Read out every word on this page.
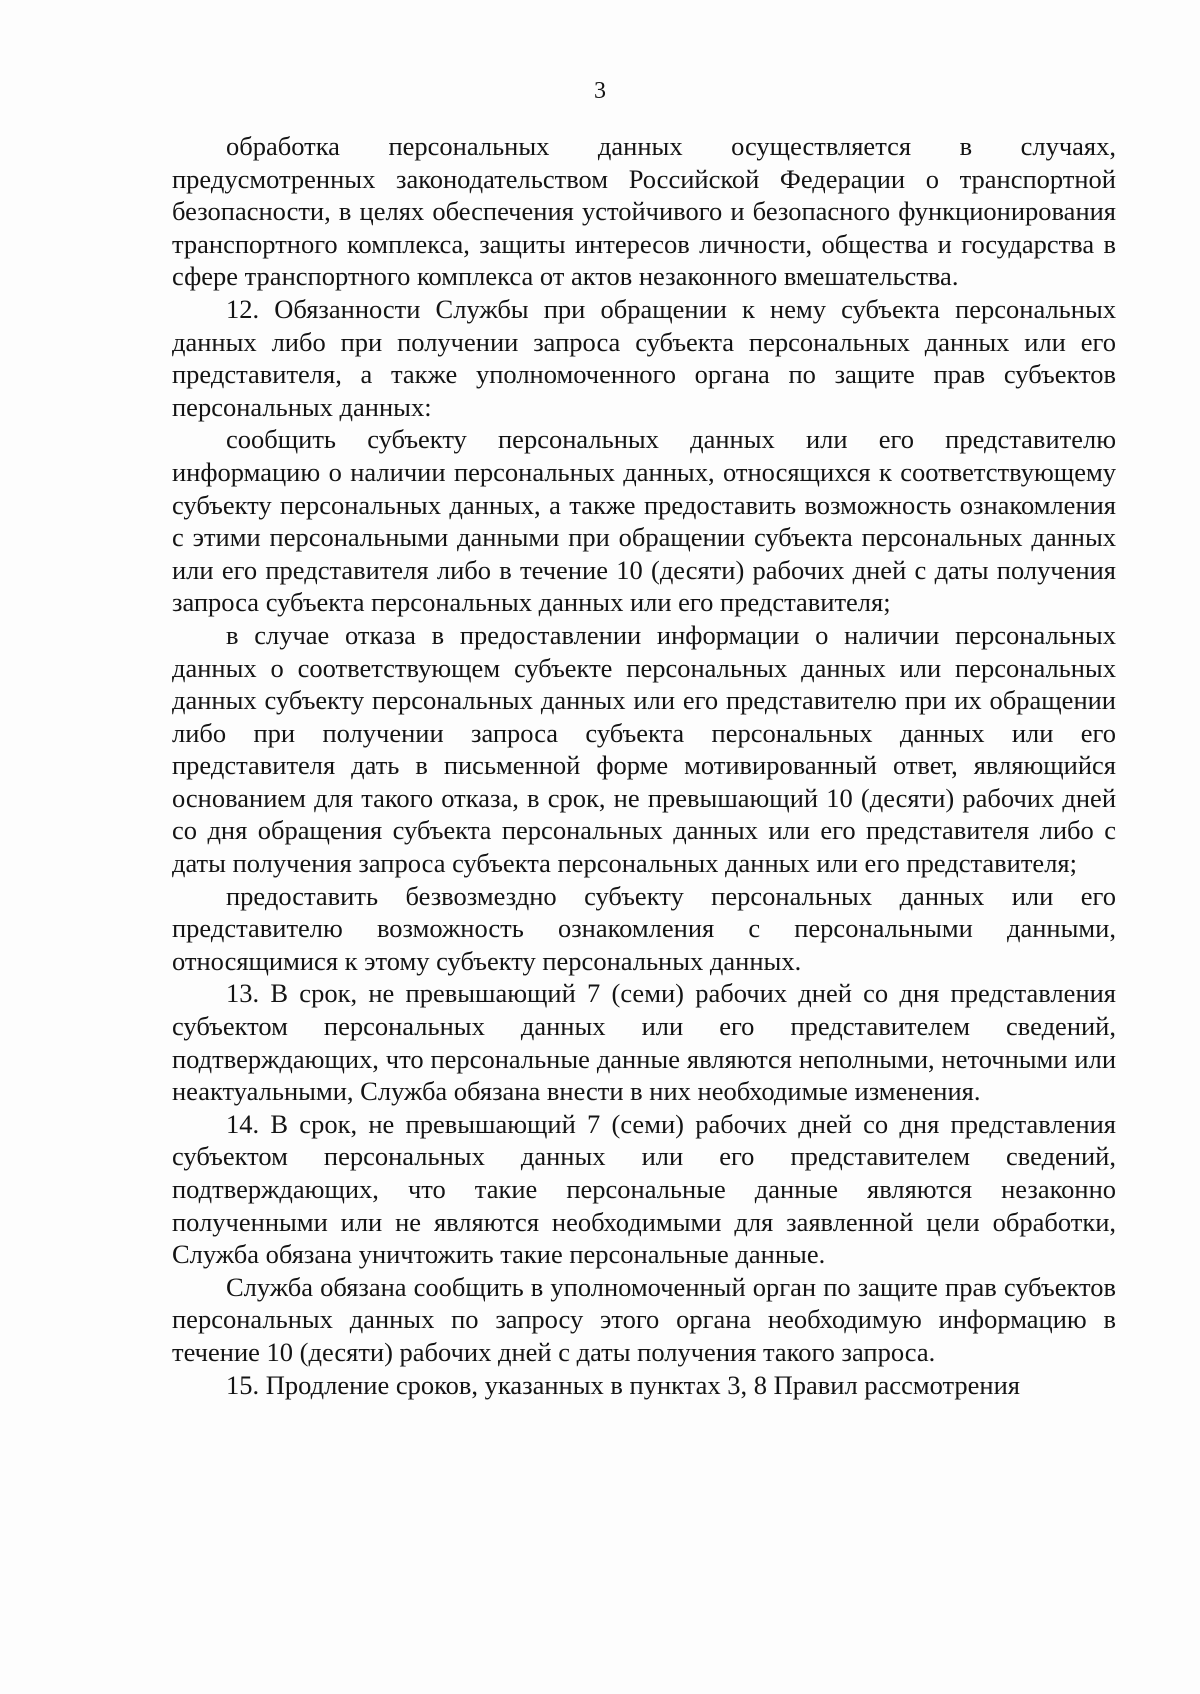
3

обработка персональных данных осуществляется в случаях, предусмотренных законодательством Российской Федерации о транспортной безопасности, в целях обеспечения устойчивого и безопасного функционирования транспортного комплекса, защиты интересов личности, общества и государства в сфере транспортного комплекса от актов незаконного вмешательства.

12. Обязанности Службы при обращении к нему субъекта персональных данных либо при получении запроса субъекта персональных данных или его представителя, а также уполномоченного органа по защите прав субъектов персональных данных:

сообщить субъекту персональных данных или его представителю информацию о наличии персональных данных, относящихся к соответствующему субъекту персональных данных, а также предоставить возможность ознакомления с этими персональными данными при обращении субъекта персональных данных или его представителя либо в течение 10 (десяти) рабочих дней с даты получения запроса субъекта персональных данных или его представителя;

в случае отказа в предоставлении информации о наличии персональных данных о соответствующем субъекте персональных данных или персональных данных субъекту персональных данных или его представителю при их обращении либо при получении запроса субъекта персональных данных или его представителя дать в письменной форме мотивированный ответ, являющийся основанием для такого отказа, в срок, не превышающий 10 (десяти) рабочих дней со дня обращения субъекта персональных данных или его представителя либо с даты получения запроса субъекта персональных данных или его представителя;

предоставить безвозмездно субъекту персональных данных или его представителю возможность ознакомления с персональными данными, относящимися к этому субъекту персональных данных.

13. В срок, не превышающий 7 (семи) рабочих дней со дня представления субъектом персональных данных или его представителем сведений, подтверждающих, что персональные данные являются неполными, неточными или неактуальными, Служба обязана внести в них необходимые изменения.

14. В срок, не превышающий 7 (семи) рабочих дней со дня представления субъектом персональных данных или его представителем сведений, подтверждающих, что такие персональные данные являются незаконно полученными или не являются необходимыми для заявленной цели обработки, Служба обязана уничтожить такие персональные данные.

Служба обязана сообщить в уполномоченный орган по защите прав субъектов персональных данных по запросу этого органа необходимую информацию в течение 10 (десяти) рабочих дней с даты получения такого запроса.

15. Продление сроков, указанных в пунктах 3, 8 Правил рассмотрения
